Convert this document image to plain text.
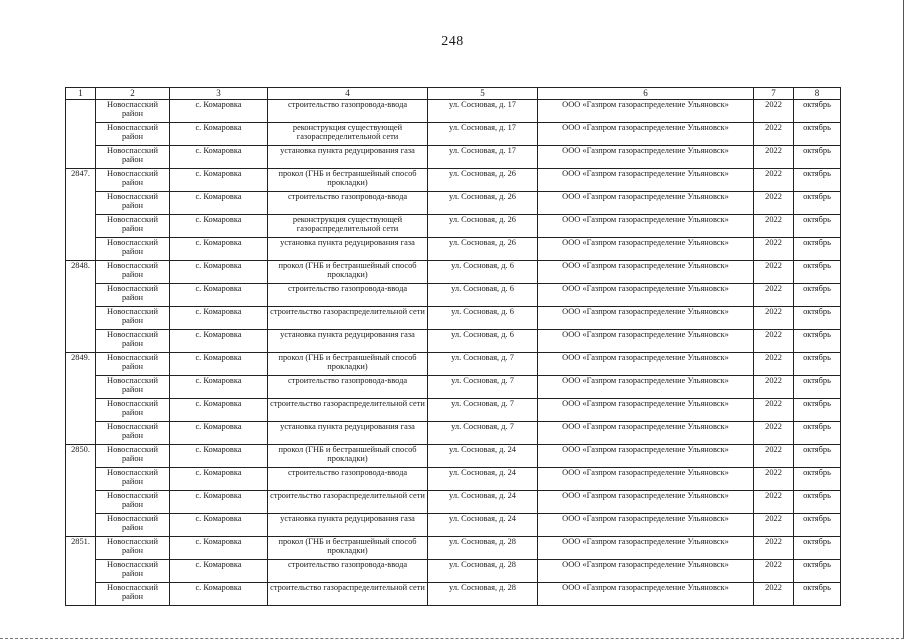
248
1	2	3	4	5	6	7	8
	Новоспасский район	с. Комаровка	строительство газопровода-ввода	ул. Сосновая, д. 17	ООО «Газпром газораспределение Ульяновск»	2022	октябрь
	Новоспасский район	с. Комаровка	реконструкция существующей газораспределительной сети	ул. Сосновая, д. 17	ООО «Газпром газораспределение Ульяновск»	2022	октябрь
	Новоспасский район	с. Комаровка	установка пункта редуцирования газа	ул. Сосновая, д. 17	ООО «Газпром газораспределение Ульяновск»	2022	октябрь
2847.	Новоспасский район	с. Комаровка	прокол (ГНБ и бестраншейный способ прокладки)	ул. Сосновая, д. 26	ООО «Газпром газораспределение Ульяновск»	2022	октябрь
	Новоспасский район	с. Комаровка	строительство газопровода-ввода	ул. Сосновая, д. 26	ООО «Газпром газораспределение Ульяновск»	2022	октябрь
	Новоспасский район	с. Комаровка	реконструкция существующей газораспределительной сети	ул. Сосновая, д. 26	ООО «Газпром газораспределение Ульяновск»	2022	октябрь
	Новоспасский район	с. Комаровка	установка пункта редуцирования газа	ул. Сосновая, д. 26	ООО «Газпром газораспределение Ульяновск»	2022	октябрь
2848.	Новоспасский район	с. Комаровка	прокол (ГНБ и бестраншейный способ прокладки)	ул. Сосновая, д. 6	ООО «Газпром газораспределение Ульяновск»	2022	октябрь
	Новоспасский район	с. Комаровка	строительство газопровода-ввода	ул. Сосновая, д. 6	ООО «Газпром газораспределение Ульяновск»	2022	октябрь
	Новоспасский район	с. Комаровка	строительство газораспределительной сети	ул. Сосновая, д. 6	ООО «Газпром газораспределение Ульяновск»	2022	октябрь
	Новоспасский район	с. Комаровка	установка пункта редуцирования газа	ул. Сосновая, д. 6	ООО «Газпром газораспределение Ульяновск»	2022	октябрь
2849.	Новоспасский район	с. Комаровка	прокол (ГНБ и бестраншейный способ прокладки)	ул. Сосновая, д. 7	ООО «Газпром газораспределение Ульяновск»	2022	октябрь
	Новоспасский район	с. Комаровка	строительство газопровода-ввода	ул. Сосновая, д. 7	ООО «Газпром газораспределение Ульяновск»	2022	октябрь
	Новоспасский район	с. Комаровка	строительство газораспределительной сети	ул. Сосновая, д. 7	ООО «Газпром газораспределение Ульяновск»	2022	октябрь
	Новоспасский район	с. Комаровка	установка пункта редуцирования газа	ул. Сосновая, д. 7	ООО «Газпром газораспределение Ульяновск»	2022	октябрь
2850.	Новоспасский район	с. Комаровка	прокол (ГНБ и бестраншейный способ прокладки)	ул. Сосновая, д. 24	ООО «Газпром газораспределение Ульяновск»	2022	октябрь
	Новоспасский район	с. Комаровка	строительство газопровода-ввода	ул. Сосновая, д. 24	ООО «Газпром газораспределение Ульяновск»	2022	октябрь
	Новоспасский район	с. Комаровка	строительство газораспределительной сети	ул. Сосновая, д. 24	ООО «Газпром газораспределение Ульяновск»	2022	октябрь
	Новоспасский район	с. Комаровка	установка пункта редуцирования газа	ул. Сосновая, д. 24	ООО «Газпром газораспределение Ульяновск»	2022	октябрь
2851.	Новоспасский район	с. Комаровка	прокол (ГНБ и бестраншейный способ прокладки)	ул. Сосновая, д. 28	ООО «Газпром газораспределение Ульяновск»	2022	октябрь
	Новоспасский район	с. Комаровка	строительство газопровода-ввода	ул. Сосновая, д. 28	ООО «Газпром газораспределение Ульяновск»	2022	октябрь
	Новоспасский район	с. Комаровка	строительство газораспределительной сети	ул. Сосновая, д. 28	ООО «Газпром газораспределение Ульяновск»	2022	октябрь
